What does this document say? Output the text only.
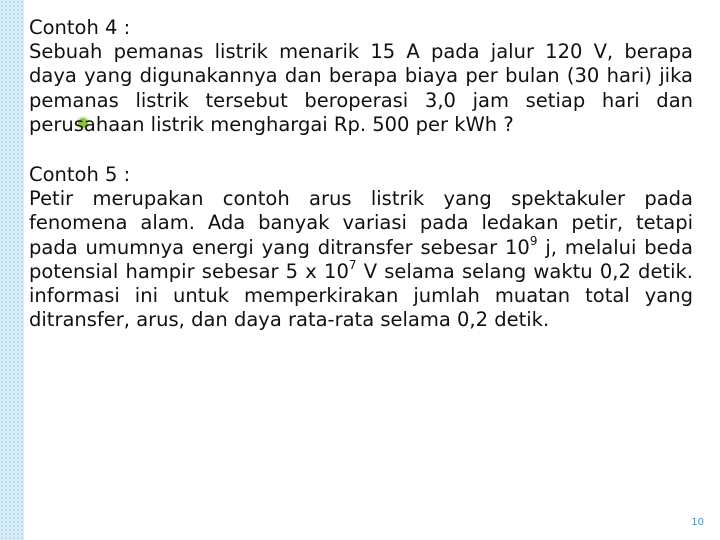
Contoh 4 :

Sebuah pemanas listrik menarik 15 A pada jalur 120 V, berapa daya yang digunakannya dan berapa biaya per bulan (30 hari) jika pemanas listrik tersebut beroperasi 3,0 jam setiap hari dan perusahaan listrik menghargai Rp. 500 per kWh ?

Contoh 5 :

Petir merupakan contoh arus listrik yang spektakuler pada fenomena alam. Ada banyak variasi pada ledakan petir, tetapi pada umumnya energi yang ditransfer sebesar $10^9$ j, melalui beda potensial hampir sebesar 5 x $10^7$ V selama selang waktu 0,2 detik. informasi ini untuk memperkirakan jumlah muatan total yang ditransfer, arus, dan daya rata-rata selama 0,2 detik.

10
